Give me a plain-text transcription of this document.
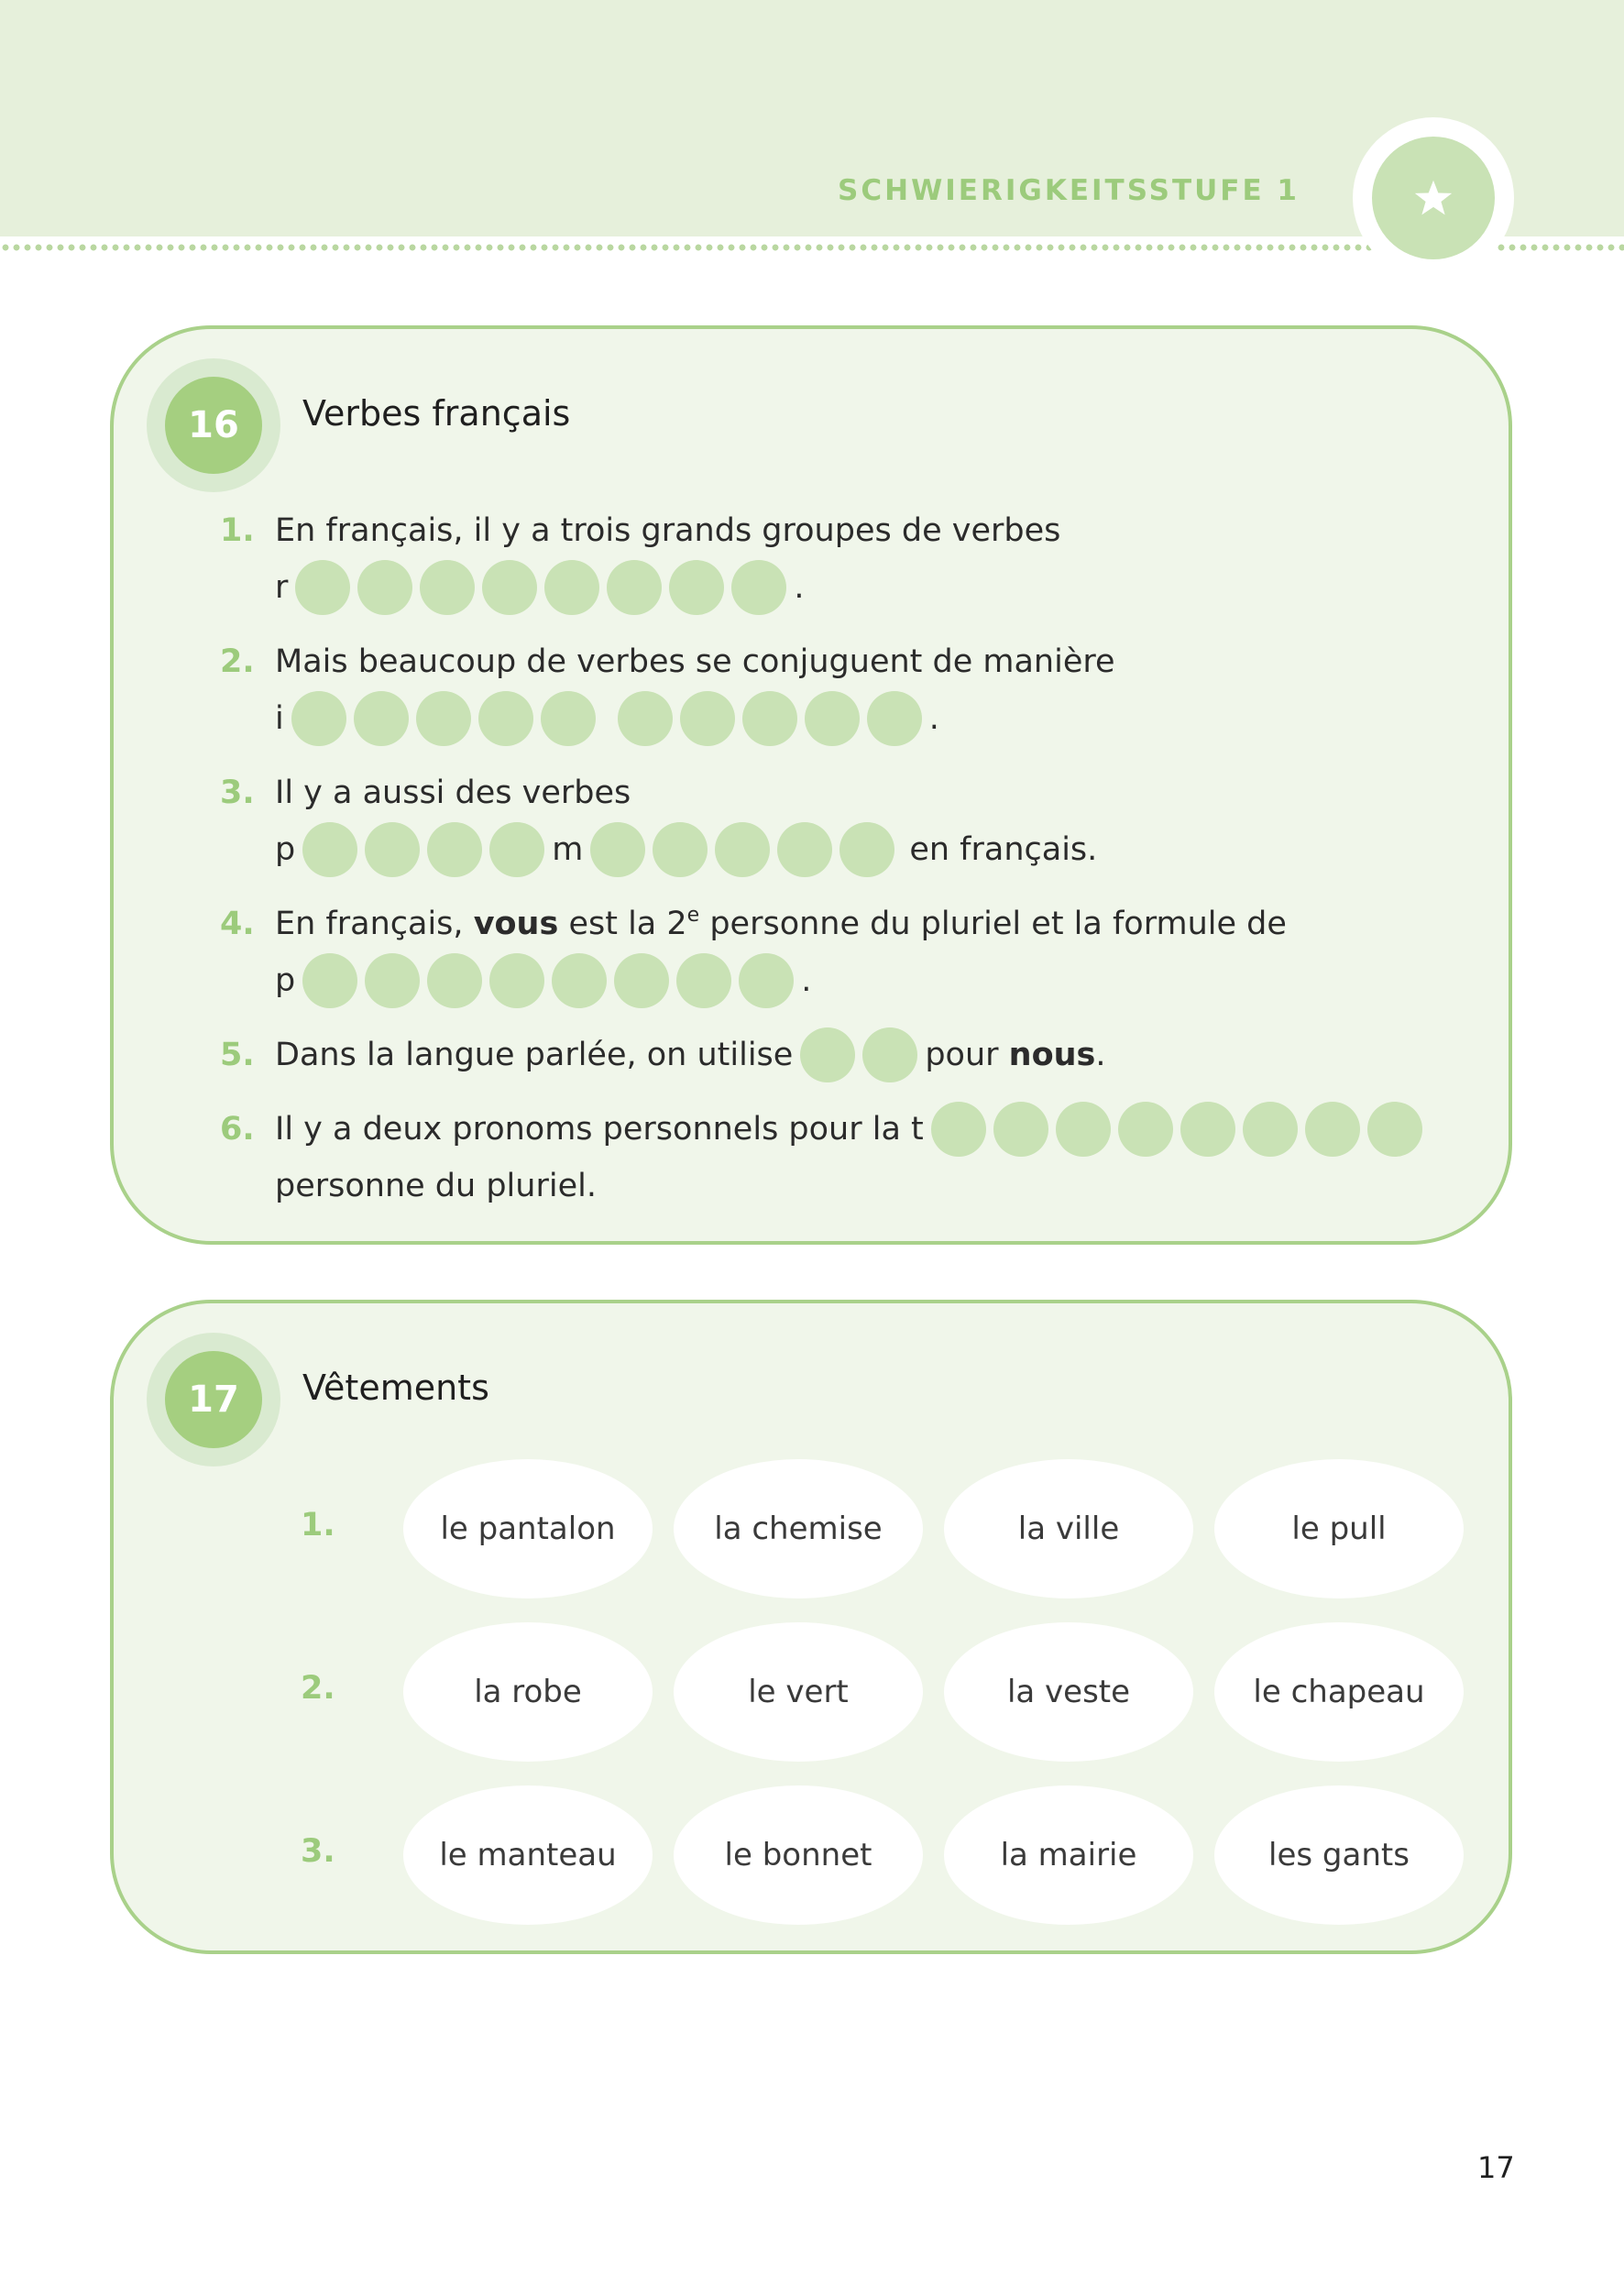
SCHWIERIGKEITSSTUFE 1
16	Verbes français
1. En français, il y a trois grands groupes de verbes
r	.
2. Mais beaucoup de verbes se conjuguent de manière
i	.
3. Il y a aussi des verbes
p	m	en français.
4. En français,
vous
est la 2e
personne du pluriel et la formule de
p	.
5. Dans la langue parlée, on utilise	pour
nous .
6. Il y a deux pronoms personnels pour la t
personne du pluriel.
17	Vêtements
1.	le pantalon	la chemise	la ville	le pull
2.	la robe	le vert	la veste	le chapeau
3.	le manteau	le bonnet	la mairie	les gants
17
